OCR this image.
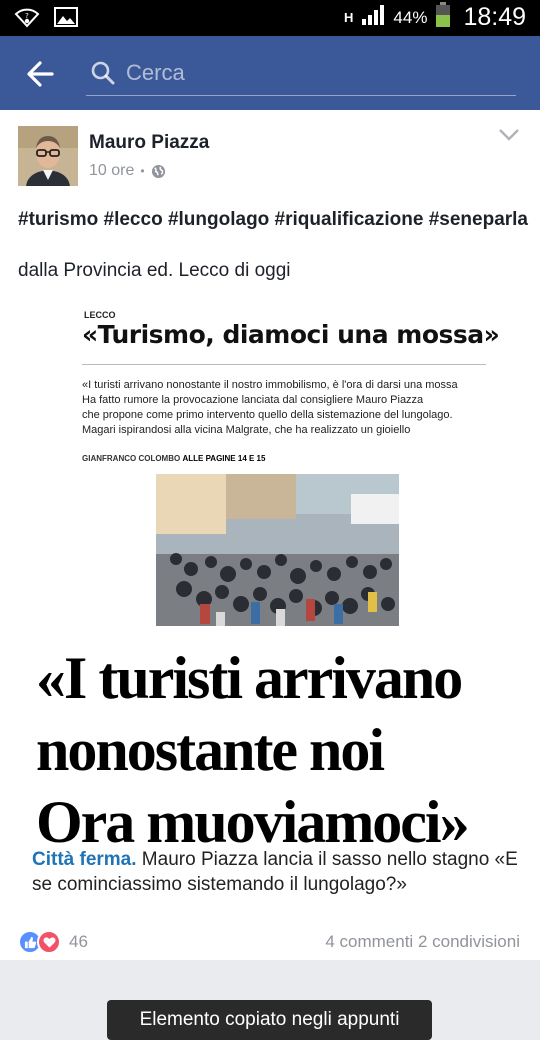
?	H 44% 18:49
Cerca
Mauro Piazza
10 ore •
#turismo #lecco #lungolago #riqualificazione #seneparla
dalla Provincia ed. Lecco di oggi
LECCO
«Turismo, diamoci una mossa»
«I turisti arrivano nonostante il nostro immobilismo, è l'ora di darsi una mossa
Ha fatto rumore la provocazione lanciata dal consigliere Mauro Piazza
che propone come primo intervento quello della sistemazione del lungolago.
Magari ispirandosi alla vicina Malgrate, che ha realizzato un gioiello
GIANFRANCO COLOMBO ALLE PAGINE 14 E 15
«I turisti arrivano
nonostante noi
Ora muoviamoci»
Città ferma. Mauro Piazza lancia il sasso nello stagno «E se cominciassimo sistemando il lungolago?»
Elemento copiato negli appunti
46	4 commenti 2 condivisioni
